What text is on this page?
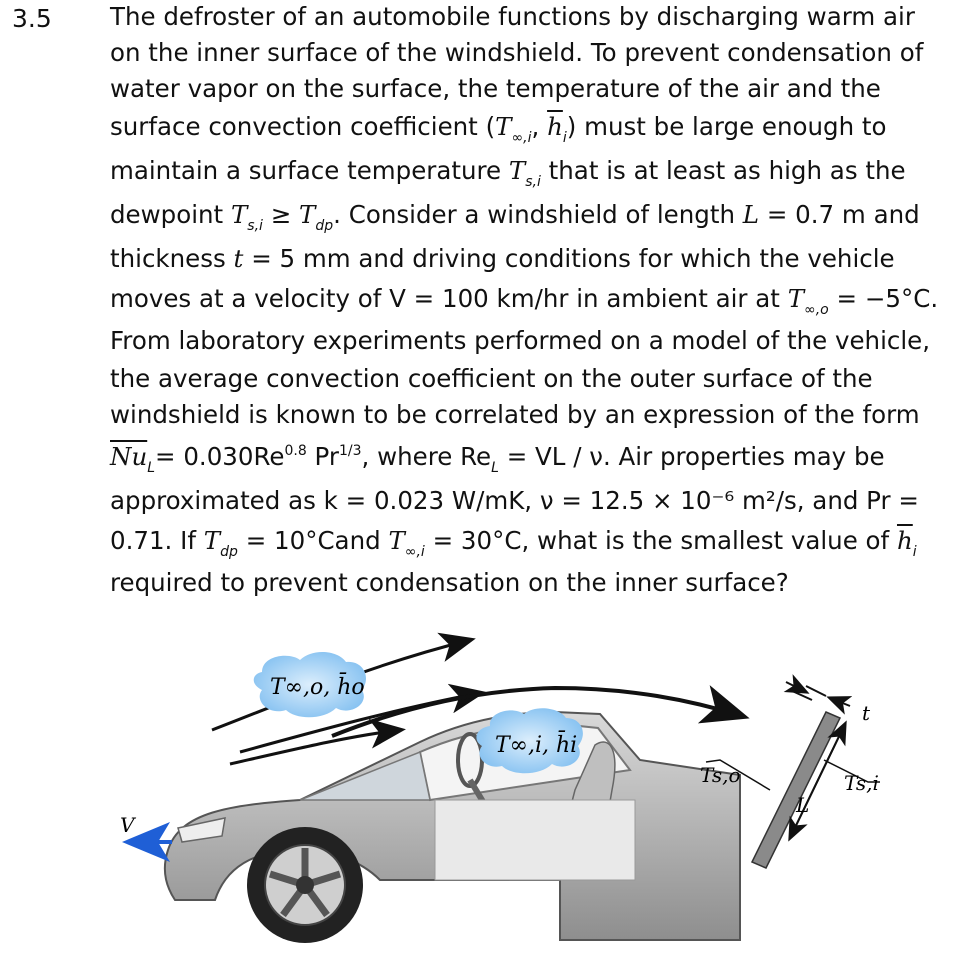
3.5 The defroster of an automobile functions by discharging warm air
on the inner surface of the windshield. To prevent condensation of
water vapor on the surface, the temperature of the air and the
surface convection coefficient ($T_{\infty,i}$, $\overline{h}_i$) must be large enough to
maintain a surface temperature $T_{s,i}$ that is at least as high as the
dewpoint $T_{s,i} \ge T_{dp}$. Consider a windshield of length L = 0.7 m and
thickness t = 5 mm and driving conditions for which the vehicle
moves at a velocity of V = 100 km/hr in ambient air at $T_{\infty,o} = -5^\circ C$.
From laboratory experiments performed on a model of the vehicle,
the average convection coefficient on the outer surface of the
windshield is known to be correlated by an expression of the form
$\overline{Nu}_L= 0.030Re^{0.8}$ $Pr^{1/3}$, where $Re_L$ = VL / ν. Air properties may be
approximated as k = 0.023 W/mK, ν = 12.5 × 10⁻⁶ m²/s, and Pr =
0.71. If $T_{dp}$ = 10°Cand $T_{\infty,i} = 30^\circ C$, what is the smallest value of $\overline{h}_i$
required to prevent condensation on the inner surface?
V
T∞,o, h̄o
T∞,i, h̄i
t
Ts,o	Ts,i
L
